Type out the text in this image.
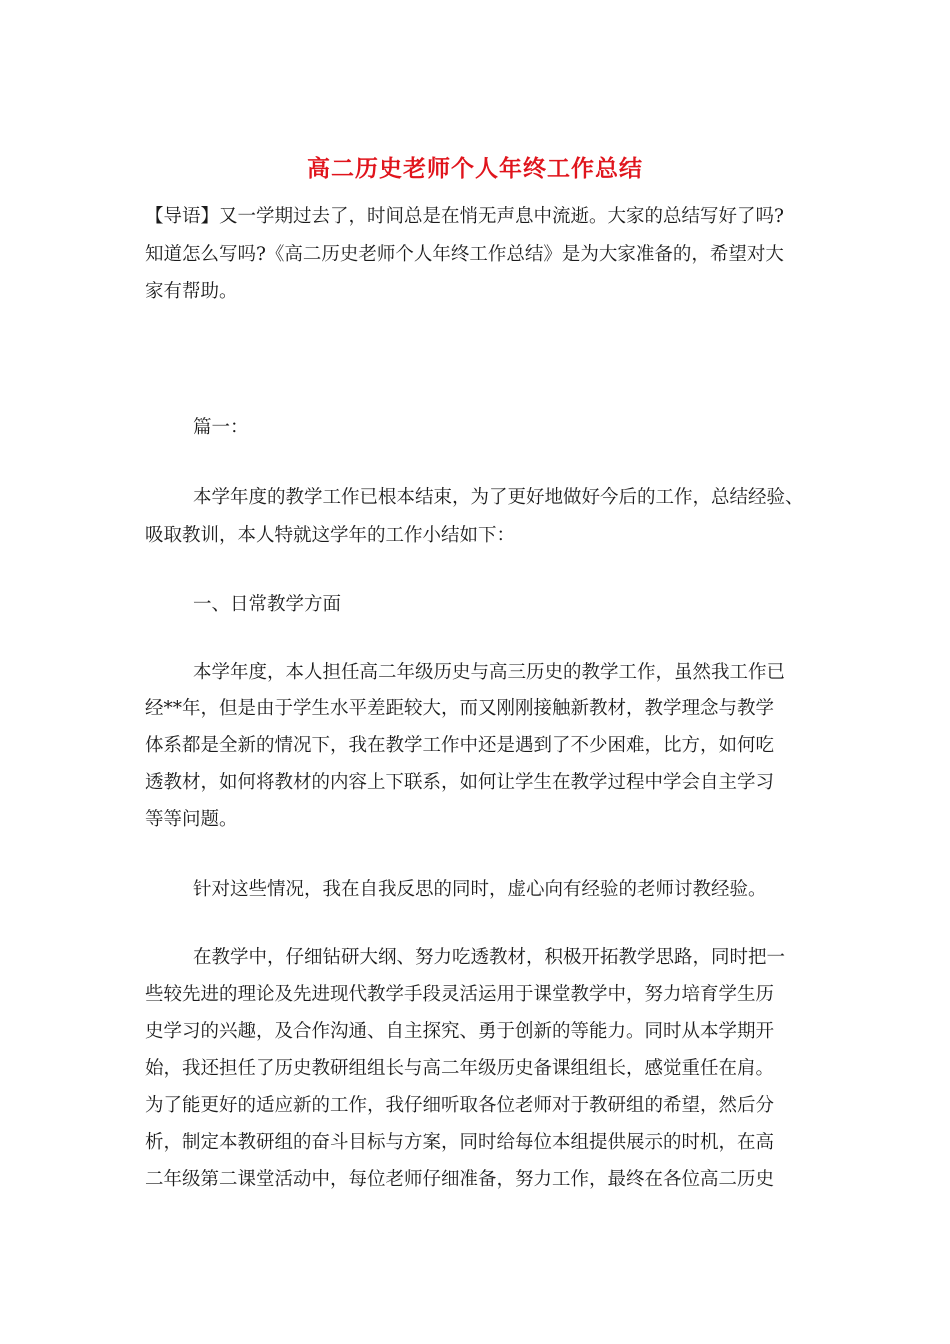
高二历史老师个人年终工作总结

【导语】又一学期过去了，时间总是在悄无声息中流逝。大家的总结写好了吗?

知道怎么写吗?《高二历史老师个人年终工作总结》是为大家准备的，希望对大

家有帮助。

篇一：

本学年度的教学工作已根本结束，为了更好地做好今后的工作，总结经验、

吸取教训，本人特就这学年的工作小结如下：

一、日常教学方面

本学年度，本人担任高二年级历史与高三历史的教学工作，虽然我工作已

经**年，但是由于学生水平差距较大，而又刚刚接触新教材，教学理念与教学

体系都是全新的情况下，我在教学工作中还是遇到了不少困难，比方，如何吃

透教材，如何将教材的内容上下联系，如何让学生在教学过程中学会自主学习

等等问题。

针对这些情况，我在自我反思的同时，虚心向有经验的老师讨教经验。

在教学中，仔细钻研大纲、努力吃透教材，积极开拓教学思路，同时把一

些较先进的理论及先进现代教学手段灵活运用于课堂教学中，努力培育学生历

史学习的兴趣，及合作沟通、自主探究、勇于创新的等能力。同时从本学期开

始，我还担任了历史教研组组长与高二年级历史备课组组长，感觉重任在肩。

为了能更好的适应新的工作，我仔细听取各位老师对于教研组的希望，然后分

析，制定本教研组的奋斗目标与方案，同时给每位本组提供展示的时机，在高

二年级第二课堂活动中，每位老师仔细准备，努力工作，最终在各位高二历史
